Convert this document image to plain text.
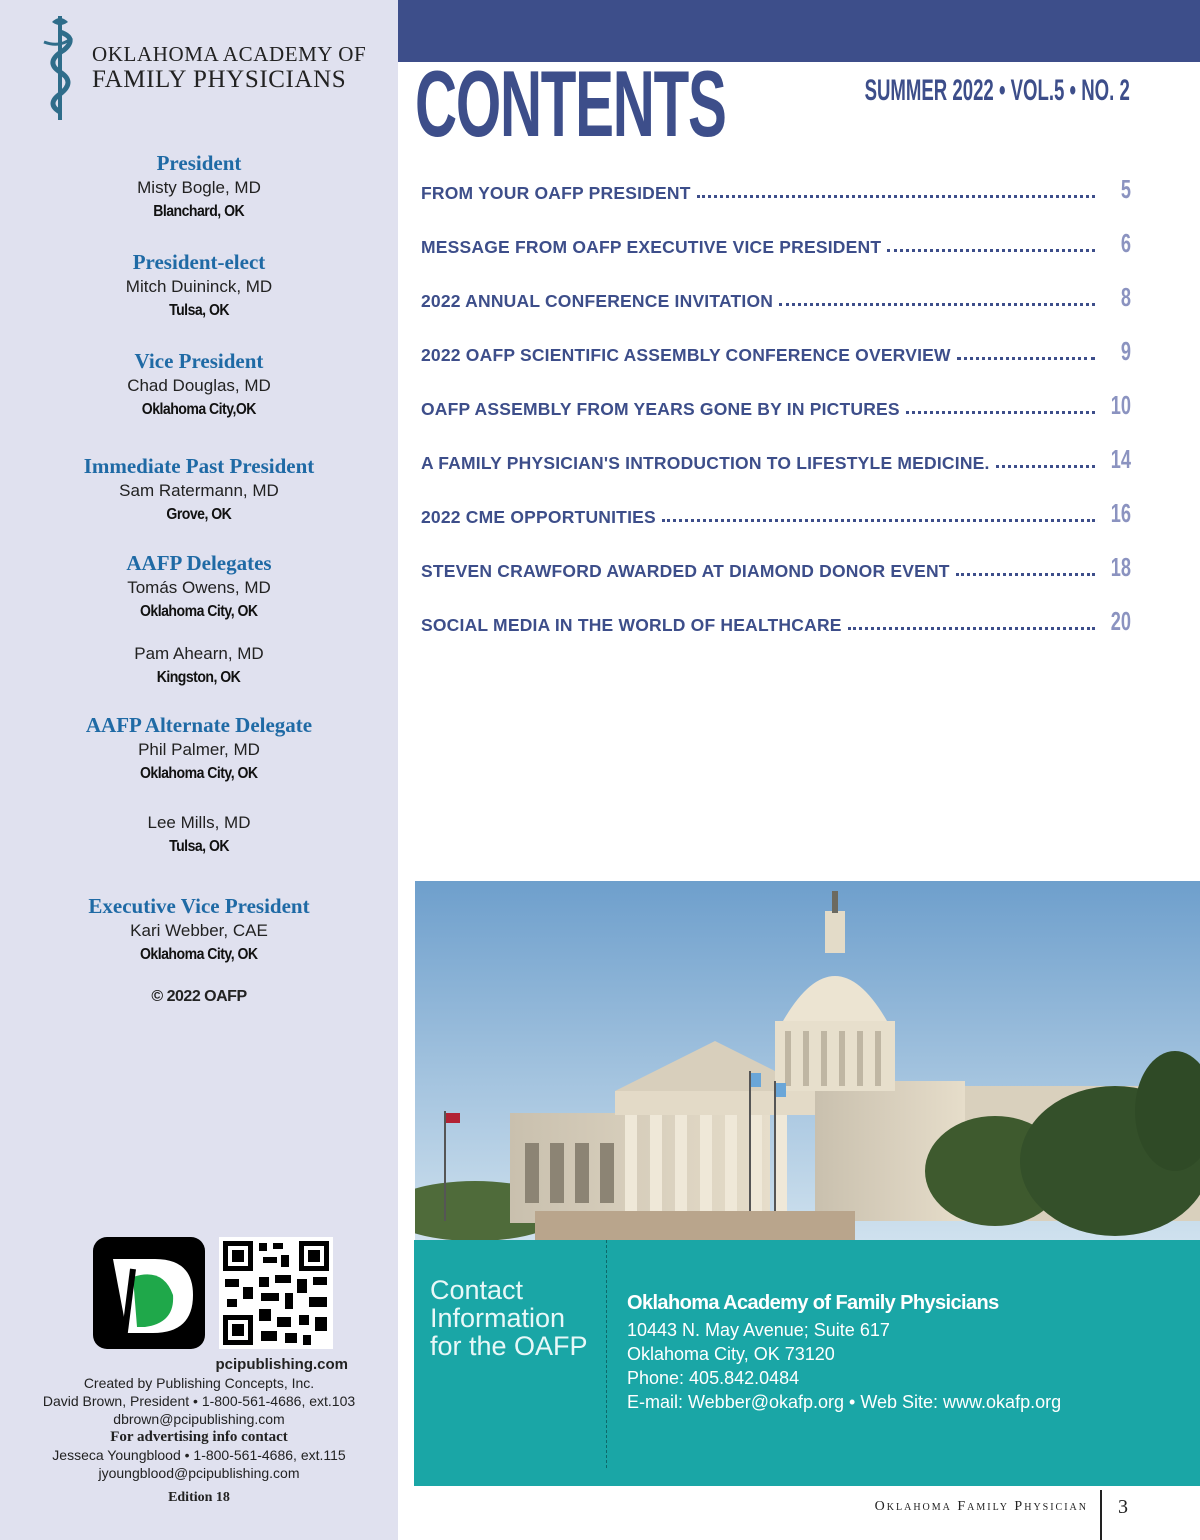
OKLAHOMA ACADEMY OF
FAMILY PHYSICIANS
President
Misty Bogle, MD
Blanchard, OK
President-elect
Mitch Duininck, MD
Tulsa, OK
Vice President
Chad Douglas, MD
Oklahoma City,OK
Immediate Past President
Sam Ratermann, MD
Grove, OK
AAFP Delegates
Tomás Owens, MD
Oklahoma City, OK
Pam Ahearn, MD
Kingston, OK
AAFP Alternate Delegate
Phil Palmer, MD
Oklahoma City, OK
Lee Mills, MD
Tulsa, OK
Executive Vice President
Kari Webber, CAE
Oklahoma City, OK
© 2022 OAFP
pcipublishing.com
Created by Publishing Concepts, Inc.
David Brown, President • 1-800-561-4686, ext.103
dbrown@pcipublishing.com
For advertising info contact
Jesseca Youngblood • 1-800-561-4686, ext.115
jyoungblood@pcipublishing.com
Edition 18
CONTENTS	SUMMER 2022 • VOL.5 • NO. 2
FROM YOUR OAFP PRESIDENT	5
MESSAGE FROM OAFP EXECUTIVE VICE PRESIDENT	6
2022 ANNUAL CONFERENCE INVITATION	8
2022 OAFP SCIENTIFIC ASSEMBLY CONFERENCE OVERVIEW	9
OAFP ASSEMBLY FROM YEARS GONE BY IN PICTURES	10
A FAMILY PHYSICIAN'S INTRODUCTION TO LIFESTYLE MEDICINE.	14
2022 CME OPPORTUNITIES	16
STEVEN CRAWFORD AWARDED AT DIAMOND DONOR EVENT	18
SOCIAL MEDIA IN THE WORLD OF HEALTHCARE	20
Contact Information for the OAFP
Oklahoma Academy of Family Physicians
10443 N. May Avenue; Suite 617
Oklahoma City, OK 73120
Phone: 405.842.0484
E-mail: Webber@okafp.org • Web Site: www.okafp.org
Oklahoma Family Physician 3
